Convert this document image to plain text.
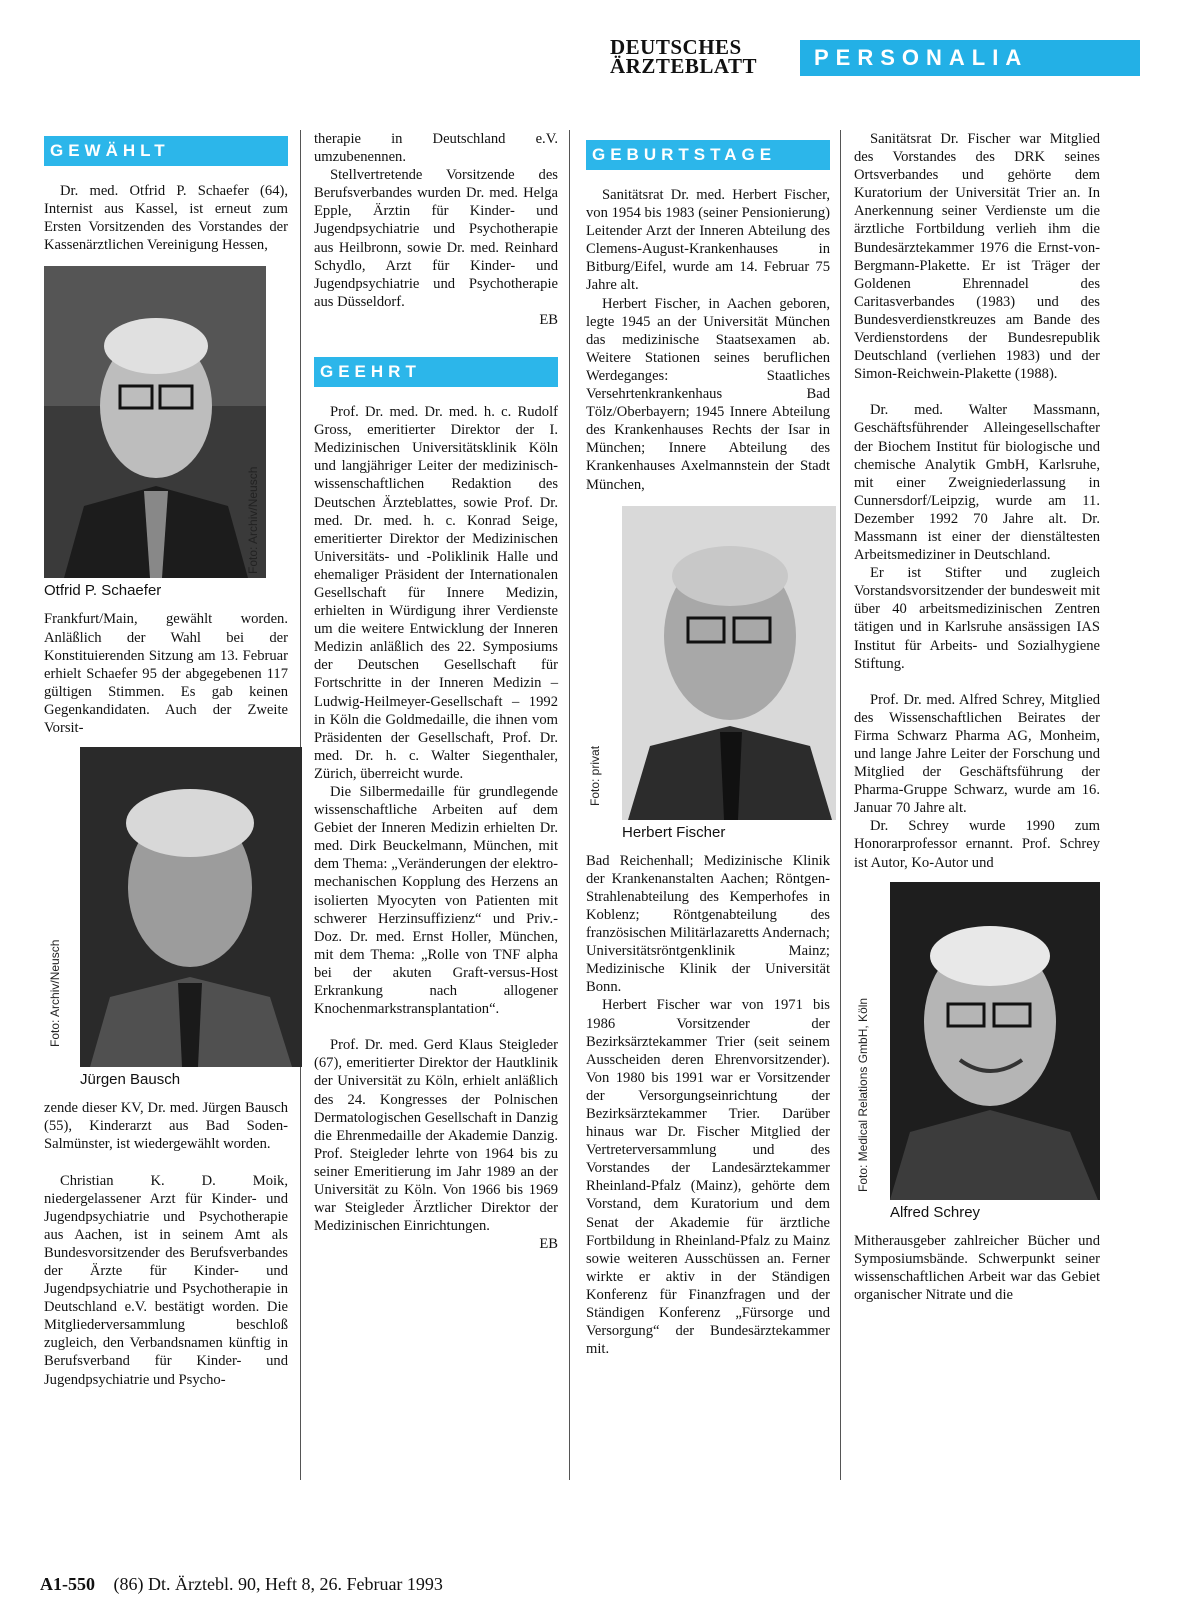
DEUTSCHES
ÄRZTEBLATT	PERSONALIA
GEWÄHLT

Dr. med. Otfrid P. Schaefer (64), Internist aus Kassel, ist erneut zum Ersten Vorsitzenden des Vorstandes der Kassenärztlichen Vereinigung Hessen,

Foto: Archiv/Neusch
Otfrid P. Schaefer

Frankfurt/Main, gewählt worden. Anläßlich der Wahl bei der Konstituierenden Sitzung am 13. Februar erhielt Schaefer 95 der abgegebenen 117 gültigen Stimmen. Es gab keinen Gegenkandidaten. Auch der Zweite Vorsit-

Foto: Archiv/Neusch
Jürgen Bausch

zende dieser KV, Dr. med. Jürgen Bausch (55), Kinderarzt aus Bad Soden-Salmünster, ist wiedergewählt worden.

Christian K. D. Moik, niedergelassener Arzt für Kinder- und Jugendpsychiatrie und Psychotherapie aus Aachen, ist in seinem Amt als Bundesvorsitzender des Berufsverbandes der Ärzte für Kinder- und Jugendpsychiatrie und Psychotherapie in Deutschland e.V. bestätigt worden. Die Mitgliederversammlung beschloß zugleich, den Verbandsnamen künftig in Berufsverband für Kinder- und Jugendpsychiatrie und Psycho-

therapie in Deutschland e.V. umzubenennen.

Stellvertretende Vorsitzende des Berufsverbandes wurden Dr. med. Helga Epple, Ärztin für Kinder- und Jugendpsychiatrie und Psychotherapie aus Heilbronn, sowie Dr. med. Reinhard Schydlo, Arzt für Kinder- und Jugendpsychiatrie und Psychotherapie aus Düsseldorf.

EB

GEEHRT

Prof. Dr. med. Dr. med. h. c. Rudolf Gross, emeritierter Direktor der I. Medizinischen Universitätsklinik Köln und langjähriger Leiter der medizinisch-wissenschaftlichen Redaktion des Deutschen Ärzteblattes, sowie Prof. Dr. med. Dr. med. h. c. Konrad Seige, emeritierter Direktor der Medizinischen Universitäts- und -Poliklinik Halle und ehemaliger Präsident der Internationalen Gesellschaft für Innere Medizin, erhielten in Würdigung ihrer Verdienste um die weitere Entwicklung der Inneren Medizin anläßlich des 22. Symposiums der Deutschen Gesellschaft für Fortschritte in der Inneren Medizin – Ludwig-Heilmeyer-Gesellschaft – 1992 in Köln die Goldmedaille, die ihnen vom Präsidenten der Gesellschaft, Prof. Dr. med. Dr. h. c. Walter Siegenthaler, Zürich, überreicht wurde.

Die Silbermedaille für grundlegende wissenschaftliche Arbeiten auf dem Gebiet der Inneren Medizin erhielten Dr. med. Dirk Beuckelmann, München, mit dem Thema: „Veränderungen der elektro-mechanischen Kopplung des Herzens an isolierten Myocyten von Patienten mit schwerer Herzinsuffizienz“ und Priv.-Doz. Dr. med. Ernst Holler, München, mit dem Thema: „Rolle von TNF alpha bei der akuten Graft-versus-Host Erkrankung nach allogener Knochenmarkstransplantation“.

Prof. Dr. med. Gerd Klaus Steigleder (67), emeritierter Direktor der Hautklinik der Universität zu Köln, erhielt anläßlich des 24. Kongresses der Polnischen Dermatologischen Gesellschaft in Danzig die Ehrenmedaille der Akademie Danzig. Prof. Steigleder lehrte von 1964 bis zu seiner Emeritierung im Jahr 1989 an der Universität zu Köln. Von 1966 bis 1969 war Steigleder Ärztlicher Direktor der Medizinischen Einrichtungen.

EB

GEBURTSTAGE

Sanitätsrat Dr. med. Herbert Fischer, von 1954 bis 1983 (seiner Pensionierung) Leitender Arzt der Inneren Abteilung des Clemens-August-Krankenhauses in Bitburg/Eifel, wurde am 14. Februar 75 Jahre alt.

Herbert Fischer, in Aachen geboren, legte 1945 an der Universität München das medizinische Staatsexamen ab. Weitere Stationen seines beruflichen Werdeganges: Staatliches Versehrtenkrankenhaus Bad Tölz/Oberbayern; 1945 Innere Abteilung des Krankenhauses Rechts der Isar in München; Innere Abteilung des Krankenhauses Axelmannstein der Stadt München,

Foto: privat
Herbert Fischer

Bad Reichenhall; Medizinische Klinik der Krankenanstalten Aachen; Röntgen-Strahlenabteilung des Kemperhofes in Koblenz; Röntgenabteilung des französischen Militärlazaretts Andernach; Universitätsröntgenklinik Mainz; Medizinische Klinik der Universität Bonn.

Herbert Fischer war von 1971 bis 1986 Vorsitzender der Bezirksärztekammer Trier (seit seinem Ausscheiden deren Ehrenvorsitzender). Von 1980 bis 1991 war er Vorsitzender der Versorgungseinrichtung der Bezirksärztekammer Trier. Darüber hinaus war Dr. Fischer Mitglied der Vertreterversammlung und des Vorstandes der Landesärztekammer Rheinland-Pfalz (Mainz), gehörte dem Vorstand, dem Kuratorium und dem Senat der Akademie für ärztliche Fortbildung in Rheinland-Pfalz zu Mainz sowie weiteren Ausschüssen an. Ferner wirkte er aktiv in der Ständigen Konferenz für Finanzfragen und der Ständigen Konferenz „Fürsorge und Versorgung“ der Bundesärztekammer mit.

Sanitätsrat Dr. Fischer war Mitglied des Vorstandes des DRK seines Ortsverbandes und gehörte dem Kuratorium der Universität Trier an. In Anerkennung seiner Verdienste um die ärztliche Fortbildung verlieh ihm die Bundesärztekammer 1976 die Ernst-von-Bergmann-Plakette. Er ist Träger der Goldenen Ehrennadel des Caritasverbandes (1983) und des Bundesverdienstkreuzes am Bande des Verdienstordens der Bundesrepublik Deutschland (verliehen 1983) und der Simon-Reichwein-Plakette (1988).

Dr. med. Walter Massmann, Geschäftsführender Alleingesellschafter der Biochem Institut für biologische und chemische Analytik GmbH, Karlsruhe, mit einer Zweigniederlassung in Cunnersdorf/Leipzig, wurde am 11. Dezember 1992 70 Jahre alt. Dr. Massmann ist einer der dienstältesten Arbeitsmediziner in Deutschland.

Er ist Stifter und zugleich Vorstandsvorsitzender der bundesweit mit über 40 arbeitsmedizinischen Zentren tätigen und in Karlsruhe ansässigen IAS Institut für Arbeits- und Sozialhygiene Stiftung.

Prof. Dr. med. Alfred Schrey, Mitglied des Wissenschaftlichen Beirates der Firma Schwarz Pharma AG, Monheim, und lange Jahre Leiter der Forschung und Mitglied der Geschäftsführung der Pharma-Gruppe Schwarz, wurde am 16. Januar 70 Jahre alt.

Dr. Schrey wurde 1990 zum Honorarprofessor ernannt. Prof. Schrey ist Autor, Ko-Autor und

Foto: Medical Relations GmbH, Köln
Alfred Schrey

Mitherausgeber zahlreicher Bücher und Symposiumsbände. Schwerpunkt seiner wissenschaftlichen Arbeit war das Gebiet organischer Nitrate und die

A1-550 (86) Dt. Ärztebl. 90, Heft 8, 26. Februar 1993
